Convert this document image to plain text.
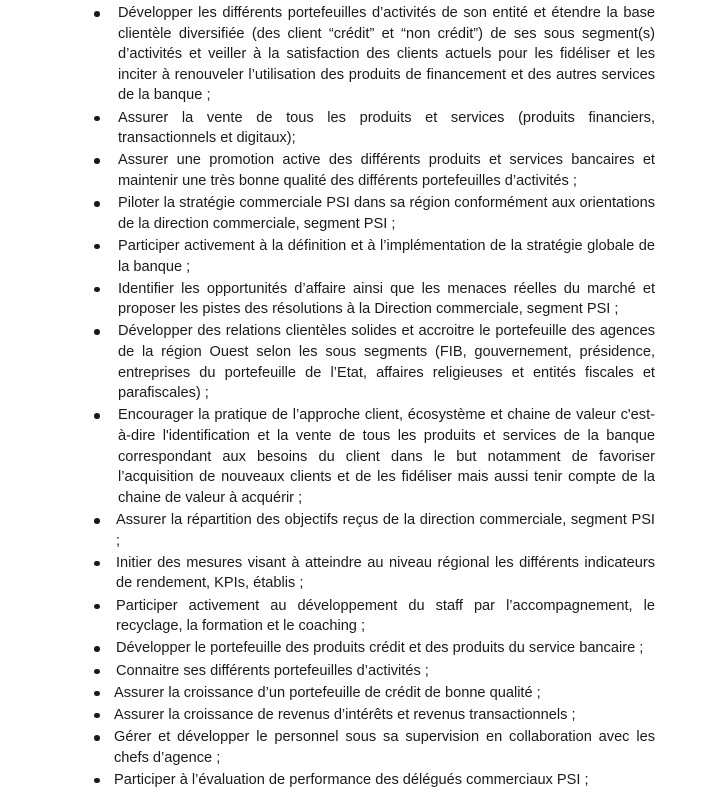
Développer les différents portefeuilles d’activités de son entité et étendre la base clientèle diversifiée (des client “crédit” et “non crédit”) de ses sous segment(s) d’activités et veiller à la satisfaction des clients actuels pour les fidéliser et les inciter à renouveler l’utilisation des produits de financement et des autres services de la banque ;
Assurer la vente de tous les produits et services (produits financiers, transactionnels et digitaux);
Assurer une promotion active des différents produits et services bancaires et maintenir une très bonne qualité des différents portefeuilles d’activités ;
Piloter la stratégie commerciale PSI dans sa région conformément aux orientations de la direction commerciale, segment PSI ;
Participer activement à la définition et à l’implémentation de la stratégie globale de la banque ;
Identifier les opportunités d’affaire ainsi que les menaces réelles du marché et proposer les pistes des résolutions à la Direction commerciale, segment PSI ;
Développer des relations clientèles solides et accroitre le portefeuille des agences de la région Ouest selon les sous segments (FIB, gouvernement, présidence, entreprises du portefeuille de l’Etat, affaires religieuses et entités fiscales et parafiscales) ;
Encourager la pratique de l’approche client, écosystème et chaine de valeur c'est-à-dire l'identification et la vente de tous les produits et services de la banque correspondant aux besoins du client dans le but notamment de favoriser l’acquisition de nouveaux clients et de les fidéliser mais aussi tenir compte de la chaine de valeur à acquérir ;
Assurer la répartition des objectifs reçus de la direction commerciale, segment PSI ;
Initier des mesures visant à atteindre au niveau régional les différents indicateurs de rendement, KPIs, établis ;
Participer activement au développement du staff par l’accompagnement, le recyclage, la formation et le coaching ;
Développer le portefeuille des produits crédit et des produits du service bancaire ;
Connaitre ses différents portefeuilles d’activités ;
Assurer la croissance d’un portefeuille de crédit de bonne qualité ;
Assurer la croissance de revenus d’intérêts et revenus transactionnels ;
Gérer et développer le personnel sous sa supervision en collaboration avec les chefs d’agence ;
Participer à l’évaluation de performance des délégués commerciaux PSI ;
